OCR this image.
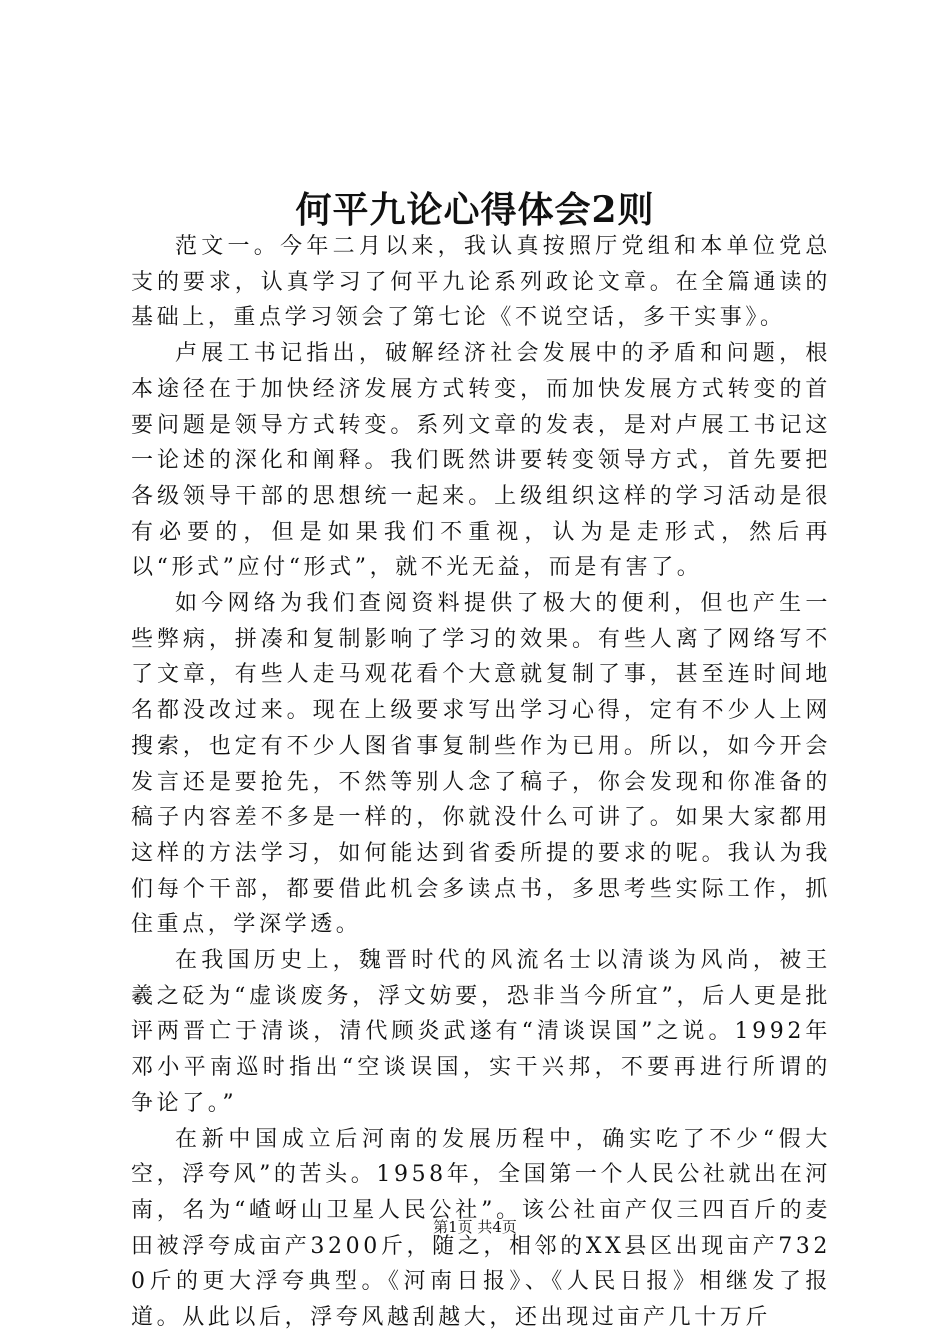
何平九论心得体会2则

范文一。今年二月以来，我认真按照厅党组和本单位党总支的要求，认真学习了何平九论系列政论文章。在全篇通读的基础上，重点学习领会了第七论《不说空话，多干实事》。

卢展工书记指出，破解经济社会发展中的矛盾和问题，根本途径在于加快经济发展方式转变，而加快发展方式转变的首要问题是领导方式转变。系列文章的发表，是对卢展工书记这一论述的深化和阐释。我们既然讲要转变领导方式，首先要把各级领导干部的思想统一起来。上级组织这样的学习活动是很有必要的，但是如果我们不重视，认为是走形式，然后再以“形式”应付“形式”，就不光无益，而是有害了。

如今网络为我们查阅资料提供了极大的便利，但也产生一些弊病，拼凑和复制影响了学习的效果。有些人离了网络写不了文章，有些人走马观花看个大意就复制了事，甚至连时间地名都没改过来。现在上级要求写出学习心得，定有不少人上网搜索，也定有不少人图省事复制些作为已用。所以，如今开会发言还是要抢先，不然等别人念了稿子，你会发现和你准备的稿子内容差不多是一样的，你就没什么可讲了。如果大家都用这样的方法学习，如何能达到省委所提的要求的呢。我认为我们每个干部，都要借此机会多读点书，多思考些实际工作，抓住重点，学深学透。

在我国历史上，魏晋时代的风流名士以清谈为风尚，被王羲之砭为“虚谈废务，浮文妨要，恐非当今所宜”，后人更是批评两晋亡于清谈，清代顾炎武遂有“清谈误国”之说。1992年邓小平南巡时指出“空谈误国，实干兴邦，不要再进行所谓的争论了。”

在新中国成立后河南的发展历程中，确实吃了不少“假大空，浮夸风”的苦头。1958年，全国第一个人民公社就出在河南，名为“嵖岈山卫星人民公社”。该公社亩产仅三四百斤的麦田被浮夸成亩产3200斤，随之，相邻的XX县区出现亩产7320斤的更大浮夸典型。《河南日报》、《人民日报》相继发了报道。从此以后，浮夸风越刮越大，还出现过亩产几十万斤

第1页 共4页
